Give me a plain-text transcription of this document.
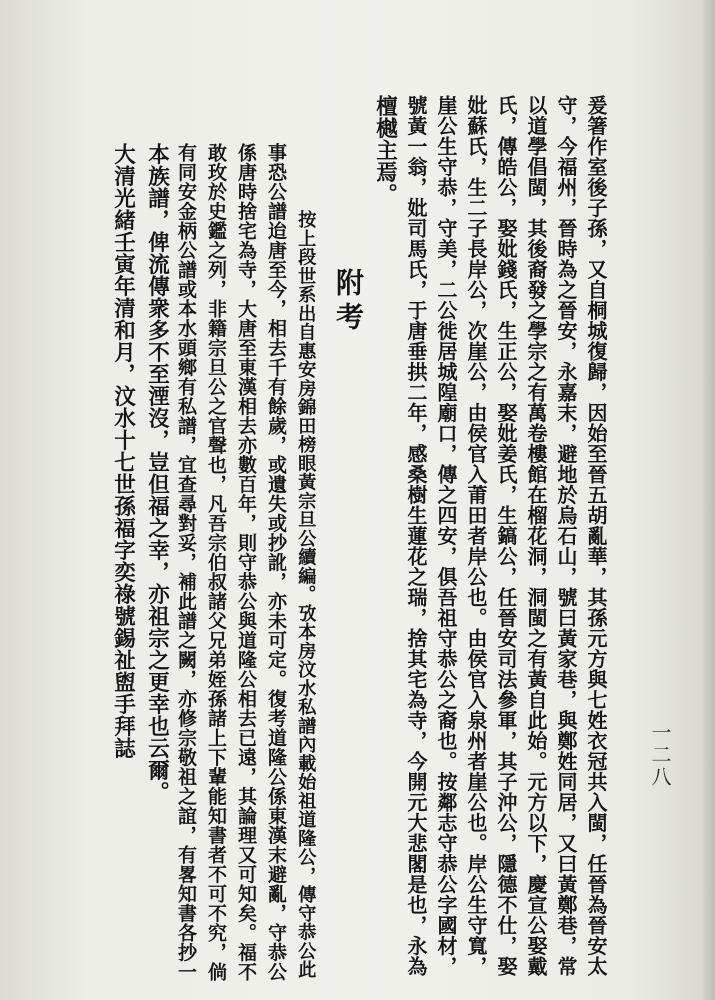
一二八
爰箸作室後子孫，又自桐城復歸，因始至晉五胡亂華，其孫元方與七姓衣冠共入閩，任晉為晉安太
守，今福州，晉時為之晉安，永嘉末，避地於烏石山，號曰黃家巷，與鄭姓同居，又曰黃鄭巷，常
以道學倡閩，其後裔發之學宗之有萬卷樓館在榴花洞，洞閩之有黃自此始。元方以下，慶宣公娶戴
氏，傳皓公，娶妣錢氏，生正公，娶妣姜氏，生鎬公，任晉安司法參軍，其子沖公，隱德不仕，娶
妣蘇氏，生二子長岸公，次崖公，由侯官入莆田者岸公也。由侯官入泉州者崖公也。岸公生守寬，
崖公生守恭，守美，二公徙居城隍廟口，傳之四安，俱吾祖守恭公之裔也。按鄰志守恭公字國材，
號黃一翁，妣司馬氏，于唐垂拱二年，感桑樹生蓮花之瑞，捨其宅為寺，今開元大悲閣是也，永為
檀樾主焉。
附考
按上段世系出自惠安房錦田榜眼黃宗旦公續編。攷本房汶水私譜內載始祖道隆公，傳守恭公此
事恐公譜迨唐至今，相去千有餘歲，或遺失或抄訛，亦未可定。復考道隆公係東漢末避亂，守恭公
係唐時捨宅為寺，大唐至東漢相去亦數百年，則守恭公與道隆公相去已遠，其論理又可知矣。福不
敢玫於史鑑之列，非籍宗旦公之官聲也，凡吾宗伯叔諸父兄弟姪孫諸上下輩能知書者不可不究，倘
有同安金柄公譜或本水頭鄉有私譜，宜查尋對妥，補此譜之闕，亦修宗敬祖之誼，有畧知書各抄一
本族譜，俾流傳衆多不至湮沒，豈但福之幸，亦祖宗之更幸也云爾。
大清光緒壬寅年清和月，汶水十七世孫福字奕祿號錫祉盥手拜誌
